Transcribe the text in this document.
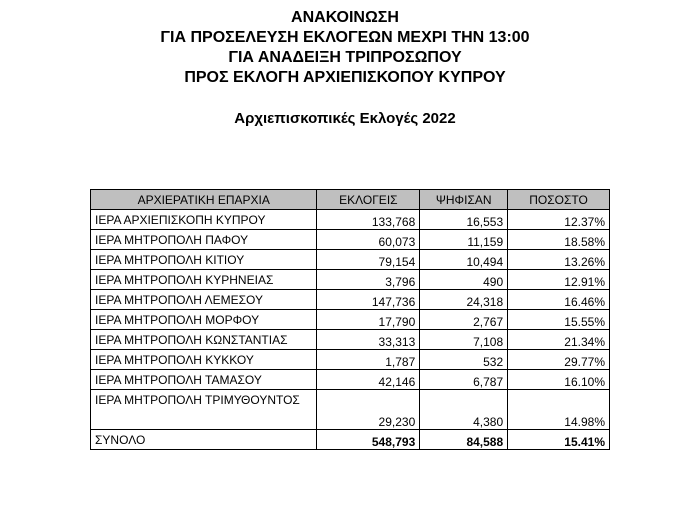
ΑΝΑΚΟΙΝΩΣΗ
ΓΙΑ ΠΡΟΣΕΛΕΥΣΗ ΕΚΛΟΓΕΩΝ ΜΕΧΡΙ ΤΗΝ 13:00
ΓΙΑ ΑΝΑΔΕΙΞΗ ΤΡΙΠΡΟΣΩΠΟΥ
ΠΡΟΣ ΕΚΛΟΓΗ ΑΡΧΙΕΠΙΣΚΟΠΟΥ ΚΥΠΡΟΥ
Αρχιεπισκοπικές Εκλογές 2022
ΑΡΧΙΕΡΑΤΙΚΗ ΕΠΑΡΧΙΑ	ΕΚΛΟΓΕΙΣ	ΨΗΦΙΣΑΝ	ΠΟΣΟΣΤΟ
ΙΕΡΑ ΑΡΧΙΕΠΙΣΚΟΠΗ ΚΥΠΡΟΥ	133,768	16,553	12.37%
ΙΕΡΑ ΜΗΤΡΟΠΟΛΗ ΠΑΦΟΥ	60,073	11,159	18.58%
ΙΕΡΑ ΜΗΤΡΟΠΟΛΗ ΚΙΤΙΟΥ	79,154	10,494	13.26%
ΙΕΡΑ ΜΗΤΡΟΠΟΛΗ ΚΥΡΗΝΕΙΑΣ	3,796	490	12.91%
ΙΕΡΑ ΜΗΤΡΟΠΟΛΗ ΛΕΜΕΣΟΥ	147,736	24,318	16.46%
ΙΕΡΑ ΜΗΤΡΟΠΟΛΗ ΜΟΡΦΟΥ	17,790	2,767	15.55%
ΙΕΡΑ ΜΗΤΡΟΠΟΛΗ ΚΩΝΣΤΑΝΤΙΑΣ	33,313	7,108	21.34%
ΙΕΡΑ ΜΗΤΡΟΠΟΛΗ ΚΥΚΚΟΥ	1,787	532	29.77%
ΙΕΡΑ ΜΗΤΡΟΠΟΛΗ ΤΑΜΑΣΟΥ	42,146	6,787	16.10%
ΙΕΡΑ ΜΗΤΡΟΠΟΛΗ ΤΡΙΜΥΘΟΥΝΤΟΣ	29,230	4,380	14.98%
ΣΥΝΟΛΟ	548,793	84,588	15.41%
